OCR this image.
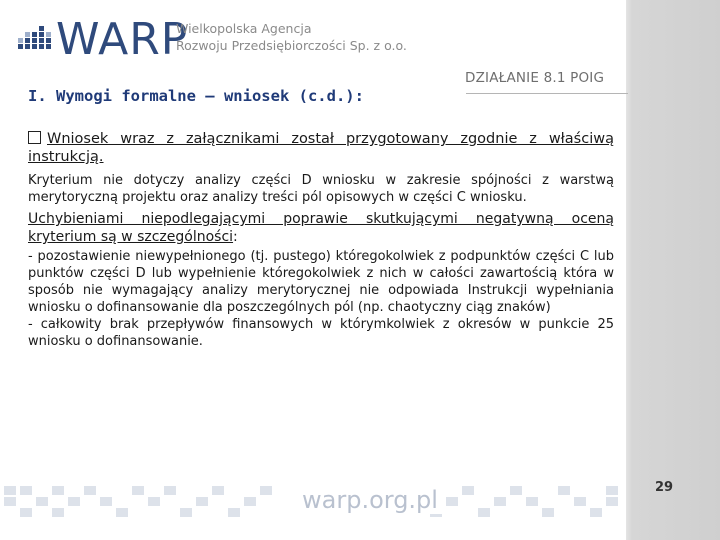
WARP
Wielkopolska Agencja
Rozwoju Przedsiębiorczości Sp. z o.o.
DZIAŁANIE 8.1 POIG
I. Wymogi formalne – wniosek (c.d.):

Wniosek wraz z załącznikami został przygotowany zgodnie z właściwą instrukcją.

Kryterium nie dotyczy analizy części D wniosku w zakresie spójności z warstwą merytoryczną projektu oraz analizy treści pól opisowych w części C wniosku.

Uchybieniami niepodlegającymi poprawie skutkującymi negatywną oceną kryterium są w szczególności:

- pozostawienie niewypełnionego (tj. pustego) któregokolwiek z podpunktów części C lub punktów części D lub wypełnienie któregokolwiek z nich w całości zawartością która w sposób nie wymagający analizy merytorycznej nie odpowiada Instrukcji wypełniania wniosku o dofinansowanie dla poszczególnych pól (np. chaotyczny ciąg znaków)

- całkowity brak przepływów finansowych w którymkolwiek z okresów w punkcie 25 wniosku o dofinansowanie.

warp.org.pl	29
